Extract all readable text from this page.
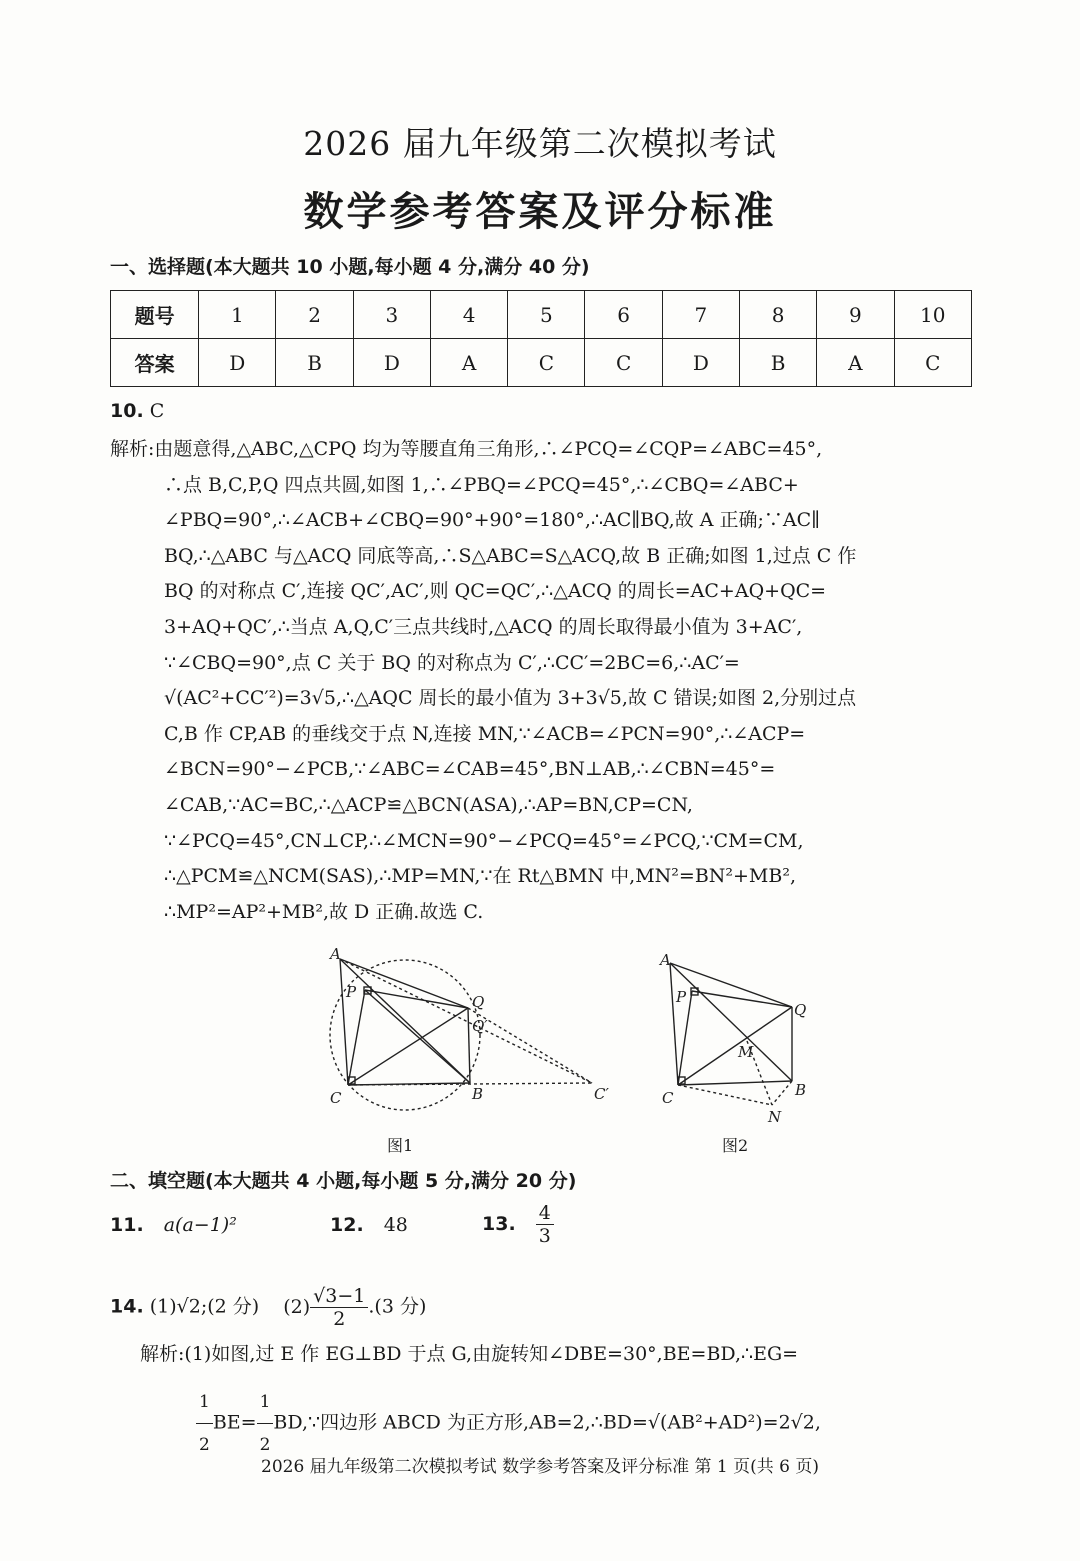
2026 届九年级第二次模拟考试
数学参考答案及评分标准
一、选择题(本大题共 10 小题,每小题 4 分,满分 40 分)
题号	1	2	3	4	5	6	7	8	9	10
答案	D	B	D	A	C	C	D	B	A	C
10. C
解析:由题意得,△ABC,△CPQ 均为等腰直角三角形,∴∠PCQ=∠CQP=∠ABC=45°,
∴点 B,C,P,Q 四点共圆,如图 1,∴∠PBQ=∠PCQ=45°,∴∠CBQ=∠ABC+
∠PBQ=90°,∴∠ACB+∠CBQ=90°+90°=180°,∴AC∥BQ,故 A 正确;∵AC∥
BQ,∴△ABC 与△ACQ 同底等高,∴S△ABC=S△ACQ,故 B 正确;如图 1,过点 C 作
BQ 的对称点 C′,连接 QC′,AC′,则 QC=QC′,∴△ACQ 的周长=AC+AQ+QC=
3+AQ+QC′,∴当点 A,Q,C′三点共线时,△ACQ 的周长取得最小值为 3+AC′,
∵∠CBQ=90°,点 C 关于 BQ 的对称点为 C′,∴CC′=2BC=6,∴AC′=
√(AC²+CC′²)=3√5,∴△AQC 周长的最小值为 3+3√5,故 C 错误;如图 2,分别过点
C,B 作 CP,AB 的垂线交于点 N,连接 MN,∵∠ACB=∠PCN=90°,∴∠ACP=
∠BCN=90°−∠PCB,∵∠ABC=∠CAB=45°,BN⊥AB,∴∠CBN=45°=
∠CAB,∵AC=BC,∴△ACP≌△BCN(ASA),∴AP=BN,CP=CN,
∵∠PCQ=45°,CN⊥CP,∴∠MCN=90°−∠PCQ=45°=∠PCQ,∵CM=CM,
∴△PCM≌△NCM(SAS),∴MP=MN,∵在 Rt△BMN 中,MN²=BN²+MB²,
∴MP²=AP²+MB²,故 D 正确.故选 C.
A
P
Q
Q′
C	B	C′
图1
A
P
Q
M
C	B
N
图2
二、填空题(本大题共 4 小题,每小题 5 分,满分 20 分)
11. a(a−1)²	12. 48	13. $\frac{4}{3}$
14. (1)√2;(2 分) $(2) \frac{√3-1}{2} .(3$ 分)
解析:(1)如图,过 E 作 EG⊥BD 于点 G,由旋转知∠DBE=30°,BE=BD,∴EG=
$\frac{1}{2} BE= \frac{1}{2}$ BD,∵四边形 ABCD 为正方形,AB=2,∴BD=√(AB²+AD²)=2√2,
2026 届九年级第二次模拟考试 数学参考答案及评分标准 第 1 页(共 6 页)
